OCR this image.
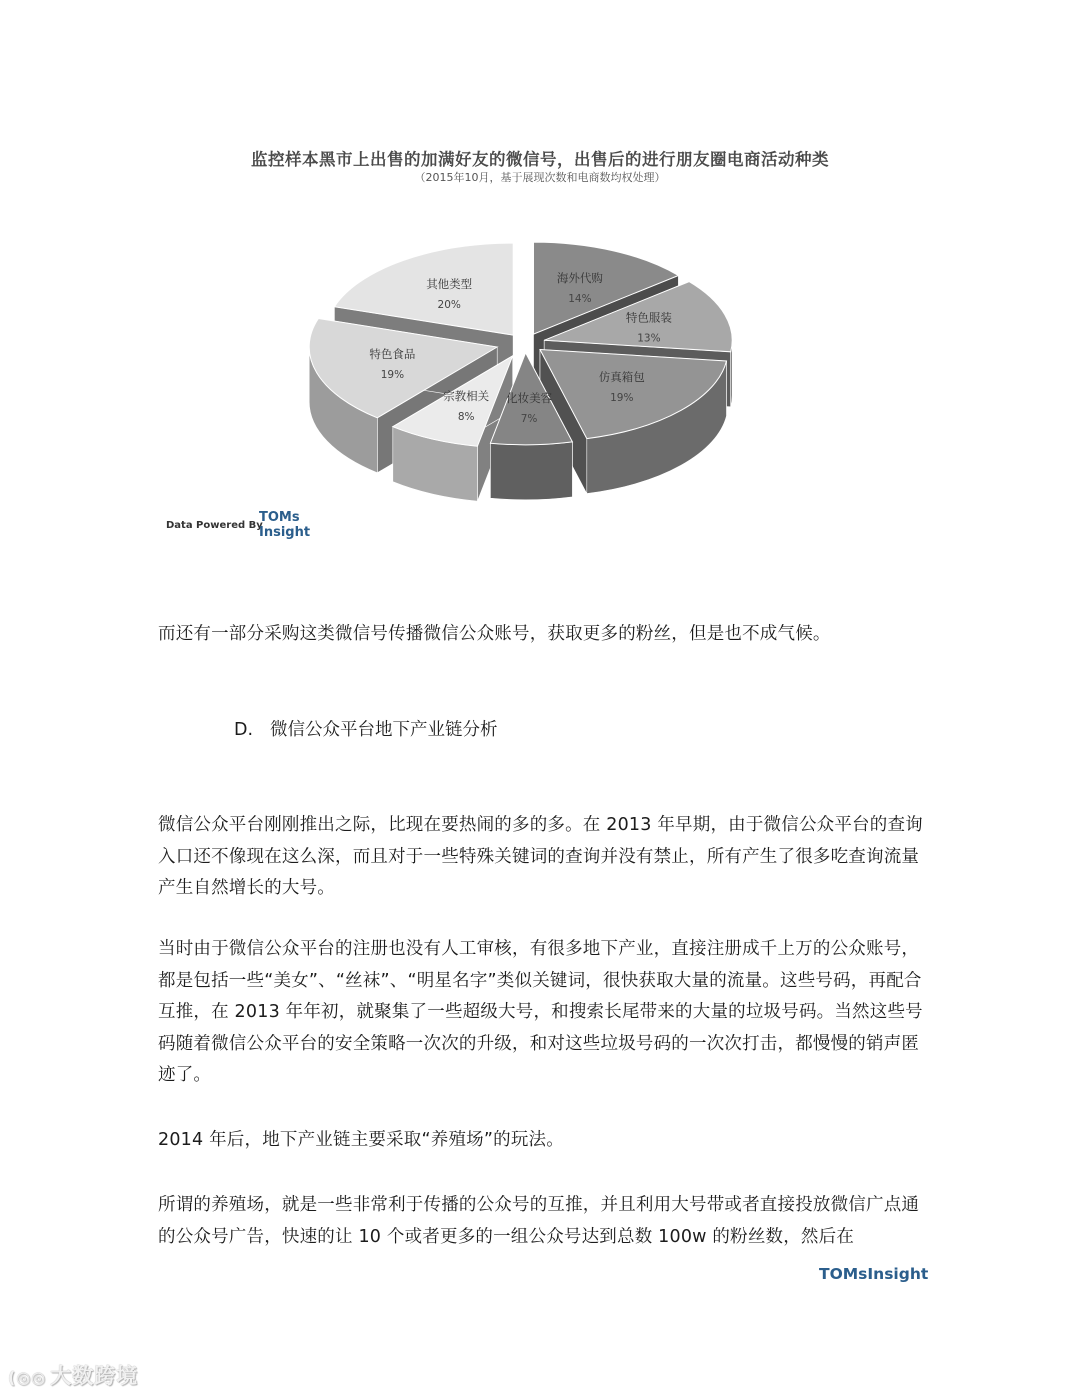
监控样本黑市上出售的加满好友的微信号，出售后的进行朋友圈电商活动种类
（2015年10月，基于展现次数和电商数均权处理）
海外代购
14%
特色服装
13%
仿真箱包
19%
化妆美容
7%
宗教相关
8%
特色食品
19%
其他类型
20%
Data Powered By
TOMs
Insight
而还有一部分采购这类微信号传播微信公众账号，获取更多的粉丝，但是也不成气候。
D. 微信公众平台地下产业链分析
微信公众平台刚刚推出之际，比现在要热闹的多的多。在 2013 年早期，由于微信公众平台的查询入口还不像现在这么深，而且对于一些特殊关键词的查询并没有禁止，所有产生了很多吃查询流量产生自然增长的大号。
当时由于微信公众平台的注册也没有人工审核，有很多地下产业，直接注册成千上万的公众账号，都是包括一些“美女”、“丝袜”、“明星名字”类似关键词，很快获取大量的流量。这些号码，再配合互推，在 2013 年年初，就聚集了一些超级大号，和搜索长尾带来的大量的垃圾号码。当然这些号码随着微信公众平台的安全策略一次次的升级，和对这些垃圾号码的一次次打击，都慢慢的销声匿迹了。
2014 年后，地下产业链主要采取“养殖场”的玩法。
所谓的养殖场，就是一些非常利于传播的公众号的互推，并且利用大号带或者直接投放微信广点通的公众号广告，快速的让 10 个或者更多的一组公众号达到总数 100w 的粉丝数，然后在
TOMsInsight
(◎◎ 大数跨境
